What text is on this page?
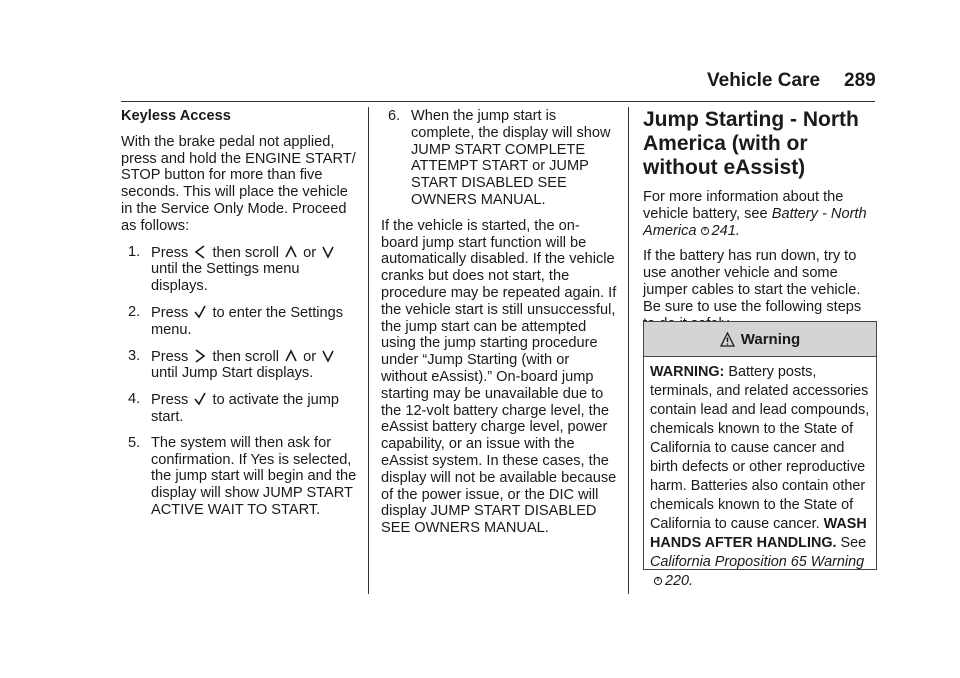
Vehicle Care 289

Keyless Access

With the brake pedal not applied, press and hold the ENGINE START/ STOP button for more than five seconds. This will place the vehicle in the Service Only Mode. Proceed as follows:

1. Press then scroll or
until the Settings menu displays.
2. Press to enter the Settings menu.
3. Press then scroll or
until Jump Start displays.
4. Press to activate the jump start.
5. The system will then ask for confirmation. If Yes is selected, the jump start will begin and the display will show JUMP START ACTIVE WAIT TO START.
6. When the jump start is complete, the display will show JUMP START COMPLETE ATTEMPT START or JUMP START DISABLED SEE OWNERS MANUAL.

If the vehicle is started, the on-board jump start function will be automatically disabled. If the vehicle cranks but does not start, the procedure may be repeated again. If the vehicle start is still unsuccessful, the jump start can be attempted using the jump starting procedure under “Jump Starting (with or without eAssist).” On-board jump starting may be unavailable due to the 12-volt battery charge level, the eAssist battery charge level, power capability, or an issue with the eAssist system. In these cases, the display will not be available because of the power issue, or the DIC will display JUMP START DISABLED SEE OWNERS MANUAL.

Jump Starting - North America (with or without eAssist)

For more information about the vehicle battery, see Battery - North America 241.

If the battery has run down, try to use another vehicle and some jumper cables to start the vehicle. Be sure to use the following steps

Warning
WARNING: Battery posts, terminals, and related accessories contain lead and lead compounds, chemicals known to the State of California to cause cancer and birth defects or other reproductive harm. Batteries also contain other chemicals known to the State of California to cause cancer. WASH HANDS AFTER HANDLING. See California Proposition 65 Warning
220.
